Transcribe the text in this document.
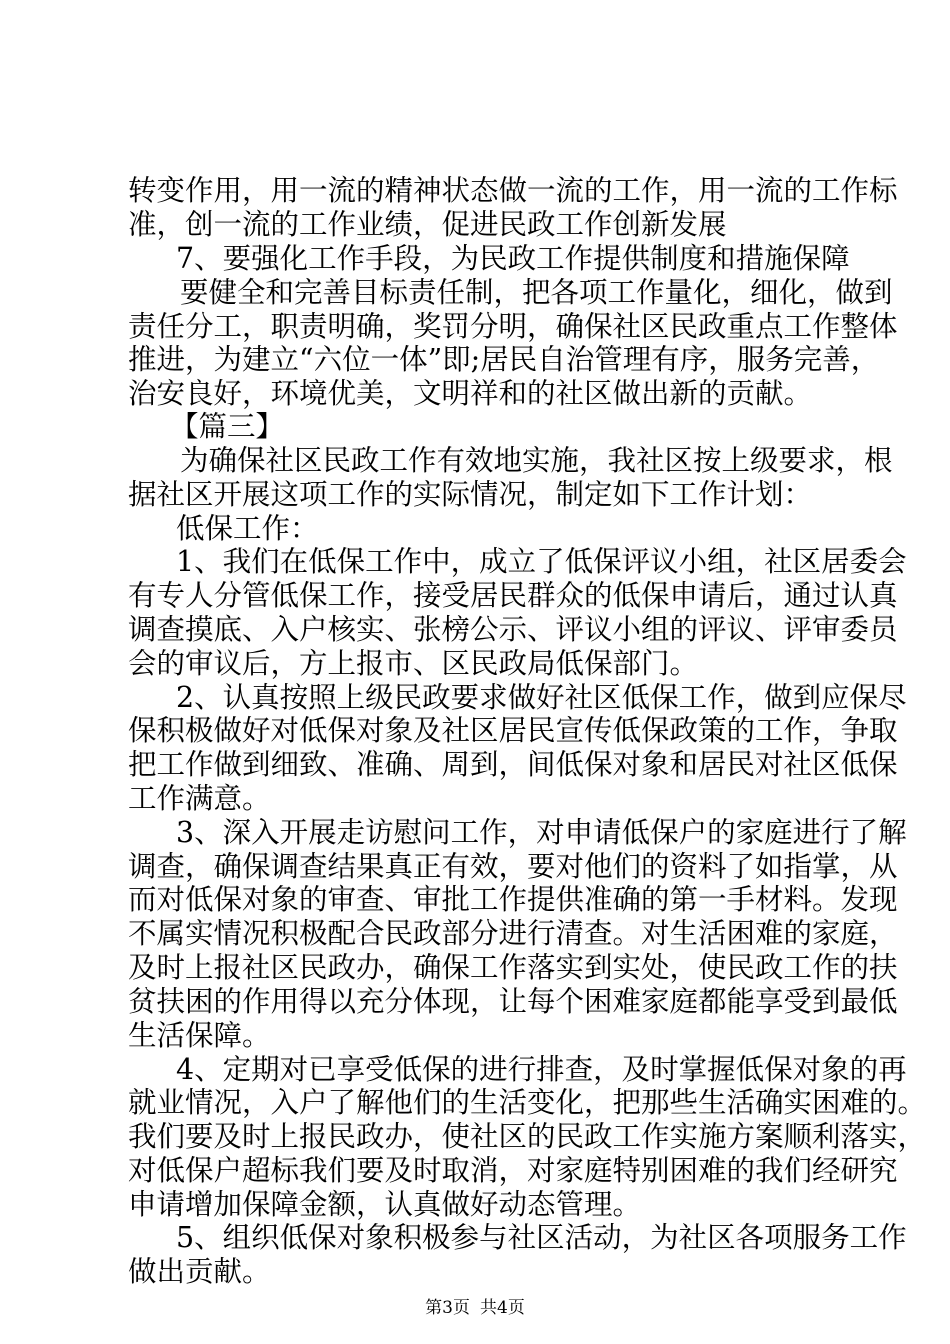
转变作用，用一流的精神状态做一流的工作，用一流的工作标
准，创一流的工作业绩，促进民政工作创新发展
7、要强化工作手段，为民政工作提供制度和措施保障
要健全和完善目标责任制，把各项工作量化，细化，做到
责任分工，职责明确，奖罚分明，确保社区民政重点工作整体
推进，为建立“六位一体”即;居民自治管理有序，服务完善，
治安良好，环境优美，文明祥和的社区做出新的贡献。
【篇三】
为确保社区民政工作有效地实施，我社区按上级要求，根
据社区开展这项工作的实际情况，制定如下工作计划：
低保工作：
1、我们在低保工作中，成立了低保评议小组，社区居委会
有专人分管低保工作，接受居民群众的低保申请后，通过认真
调查摸底、入户核实、张榜公示、评议小组的评议、评审委员
会的审议后，方上报市、区民政局低保部门。
2、认真按照上级民政要求做好社区低保工作，做到应保尽
保积极做好对低保对象及社区居民宣传低保政策的工作，争取
把工作做到细致、准确、周到，间低保对象和居民对社区低保
工作满意。
3、深入开展走访慰问工作，对申请低保户的家庭进行了解
调查，确保调查结果真正有效，要对他们的资料了如指掌，从
而对低保对象的审查、审批工作提供准确的第一手材料。发现
不属实情况积极配合民政部分进行清查。对生活困难的家庭，
及时上报社区民政办，确保工作落实到实处，使民政工作的扶
贫扶困的作用得以充分体现，让每个困难家庭都能享受到最低
生活保障。
4、定期对已享受低保的进行排查，及时掌握低保对象的再
就业情况，入户了解他们的生活变化，把那些生活确实困难的。
我们要及时上报民政办，使社区的民政工作实施方案顺利落实，
对低保户超标我们要及时取消，对家庭特别困难的我们经研究
申请增加保障金额，认真做好动态管理。
5、组织低保对象积极参与社区活动，为社区各项服务工作
做出贡献。
第3页 共4页
